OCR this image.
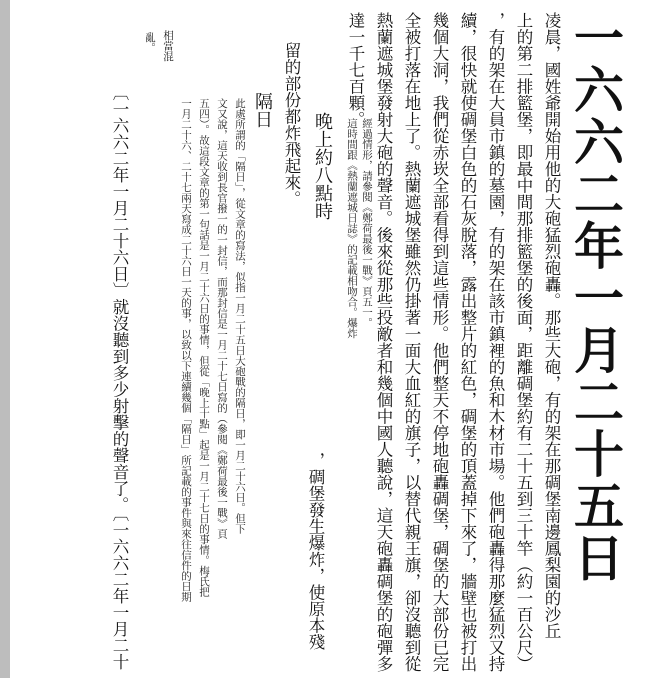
一六六二年一月二十五日
凌晨，國姓爺開始用他的大砲猛烈砲轟。那些大砲，有的架在那碉堡南邊鳳梨園的沙丘
上的第二排籃堡，即最中間那排籃堡的後面，距離碉堡約有二十五到三十竿（約一百公尺）
，有的架在大員市鎮的墓園，有的架在該市鎮裡的魚和木材市場。他們砲轟得那麼猛烈又持
續，很快就使碉堡白色的石灰脫落，露出整片的紅色，碉堡的頂蓋掉下來了，牆壁也被打出
幾個大洞，我們從赤崁全部看得到這些情形。他們整天不停地砲轟碉堡，碉堡的大部份已完
全被打落在地上了。熱蘭遮城堡雖然仍掛著一面大血紅的旗子，以替代親王旗，卻沒聽到從
熱蘭遮城堡發射大砲的聲音。後來從那些投敵者和幾個中國人聽說，這天砲轟碉堡的砲彈多
達一千七百顆。
晚上約八點時
，碉堡發生爆炸，使原本殘
留的部份都炸飛起來。	這時間跟《熱蘭遮城日誌》的記載相吻合。爆炸 經過情形，請參閱《鄭荷最後一戰》頁五一。
隔日
此處所謂的「隔日」，從文章的寫法，似指一月二十五日大砲戰的隔日，即一月二十六日。但下
文又說，這天收到長官撥一的一封信，而那封信是一月二十七日寫的（參閱《鄭荷最後一戰》頁
五四）。故這段文章的第一句話是一月二十六日的事情，但從「晚上十點」起是一月二十七日的事情。梅氏把
一月二十六、二十七兩天寫成二十六日一天的事，以致以下連續幾個「隔日」所記載的事件與來往信件的日期
相當混
亂。
〔一六六二年一月二十六日〕就沒聽到多少射擊的聲音了。〔一六六二年一月二十
